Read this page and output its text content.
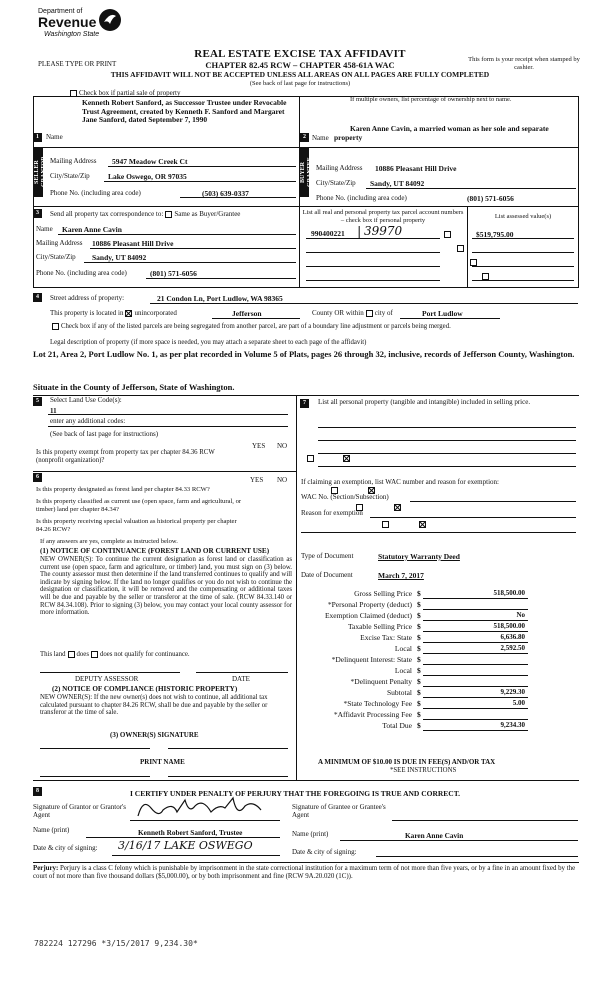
Department of
Revenue
Washington State
REAL ESTATE EXCISE TAX AFFIDAVIT
PLEASE TYPE OR PRINT	CHAPTER 82.45 RCW – CHAPTER 458-61A WAC
This form is your receipt when stamped by cashier.
THIS AFFIDAVIT WILL NOT BE ACCEPTED UNLESS ALL AREAS ON ALL PAGES ARE FULLY COMPLETED
(See back of last page for instructions)
Check box if partial sale of property
If multiple owners, list percentage of ownership next to name.
SELLER GRANTOR
1	Name
Kenneth Robert Sanford, as Successor Trustee under Revocable Trust Agreement, created by Kenneth F. Sanford and Margaret Jane Sanford, dated September 7, 1990
Mailing Address 5947 Meadow Creek Ct
City/State/Zip Lake Oswego, OR 97035
Phone No. (including area code)	(503) 639-0337
BUYER GRANTEE
2 Name
Karen Anne Cavin, a married woman as her sole and separate property
Mailing Address 10886 Pleasant Hill Drive
City/State/Zip Sandy, UT 84092
Phone No. (including area code)	(801) 571-6056
3	Send all property tax correspondence to: Same as Buyer/Grantee
Name Karen Anne Cavin
Mailing Address 10886 Pleasant Hill Drive
City/State/Zip Sandy, UT 84092
Phone No. (including area code)	(801) 571-6056
List all real and personal property tax parcel account numbers – check box if personal property
List assessed value(s)
990400221 | 39970	$519,795.00

4	Street address of property:	21 Condon Ln, Port Ludlow, WA 98365
This property is located in unincorporated	Jefferson	County OR within city of	Port Ludlow
Check box if any of the listed parcels are being segregated from another parcel, are part of a boundary line adjustment or parcels being merged.
Legal description of property (if more space is needed, you may attach a separate sheet to each page of the affidavit)
Lot 21, Area 2, Port Ludlow No. 1, as per plat recorded in Volume 5 of Plats, pages 26 through 32, inclusive, records of Jefferson County, Washington.
Situate in the County of Jefferson, State of Washington.
5	Select Land Use Code(s):
11
enter any additional codes:
(See back of last page for instructions)
YES NO
Is this property exempt from property tax per chapter 84.36 RCW (nonprofit organization)?

6	YES NO
Is this property designated as forest land per chapter 84.33 RCW?

Is this property classified as current use (open space, farm and agricultural, or timber) land per chapter 84.34?

Is this property receiving special valuation as historical property per chapter 84.26 RCW?

If any answers are yes, complete as instructed below.
(1) NOTICE OF CONTINUANCE (FOREST LAND OR CURRENT USE)
NEW OWNER(S): To continue the current designation as forest land or classification as current use (open space, farm and agriculture, or timber) land, you must sign on (3) below. The county assessor must then determine if the land transferred continues to qualify and will indicate by signing below. If the land no longer qualifies or you do not wish to continue the designation or classification, it will be removed and the compensating or additional taxes will be due and payable by the seller or transferor at the time of sale. (RCW 84.33.140 or RCW 84.34.108). Prior to signing (3) below, you may contact your local county assessor for more information.
This land does does not qualify for continuance.
DEPUTY ASSESSOR	DATE
(2) NOTICE OF COMPLIANCE (HISTORIC PROPERTY)
NEW OWNER(S): If the new owner(s) does not wish to continue, all additional tax calculated pursuant to chapter 84.26 RCW, shall be due and payable by the seller or transferor at the time of sale.
(3) OWNER(S) SIGNATURE
PRINT NAME
7	List all personal property (tangible and intangible) included in selling price.
If claiming an exemption, list WAC number and reason for exemption:
WAC No. (Section/Subsection)
Reason for exemption
Type of Document	Statutory Warranty Deed
Date of Document	March 7, 2017
Gross Selling Price $	518,500.00
*Personal Property (deduct) $
Exemption Claimed (deduct) $	No
Taxable Selling Price $	518,500.00
Excise Tax: State $	6,636.80
Local $	2,592.50
*Delinquent Interest: State $
Local $
*Delinquent Penalty $
Subtotal $	9,229.30
*State Technology Fee $	5.00
*Affidavit Processing Fee $
Total Due $	9,234.30
A MINIMUM OF $10.00 IS DUE IN FEE(S) AND/OR TAX
*SEE INSTRUCTIONS
8	I CERTIFY UNDER PENALTY OF PERJURY THAT THE FOREGOING IS TRUE AND CORRECT.
Signature of Grantor or Grantor's Agent
Signature of Grantee or Grantee's Agent
Name (print)	Kenneth Robert Sanford, Trustee	Name (print)	Karen Anne Cavin
Date & city of signing: 3/16/17 LAKE OSWEGO	Date & city of signing:
Perjury: Perjury is a class C felony which is punishable by imprisonment in the state correctional institution for a maximum term of not more than five years, or by a fine in an amount fixed by the court of not more than five thousand dollars ($5,000.00), or by both imprisonment and fine (RCW 9A.20.020 (1C)).
782224 127296 *3/15/2017 9,234.30*
